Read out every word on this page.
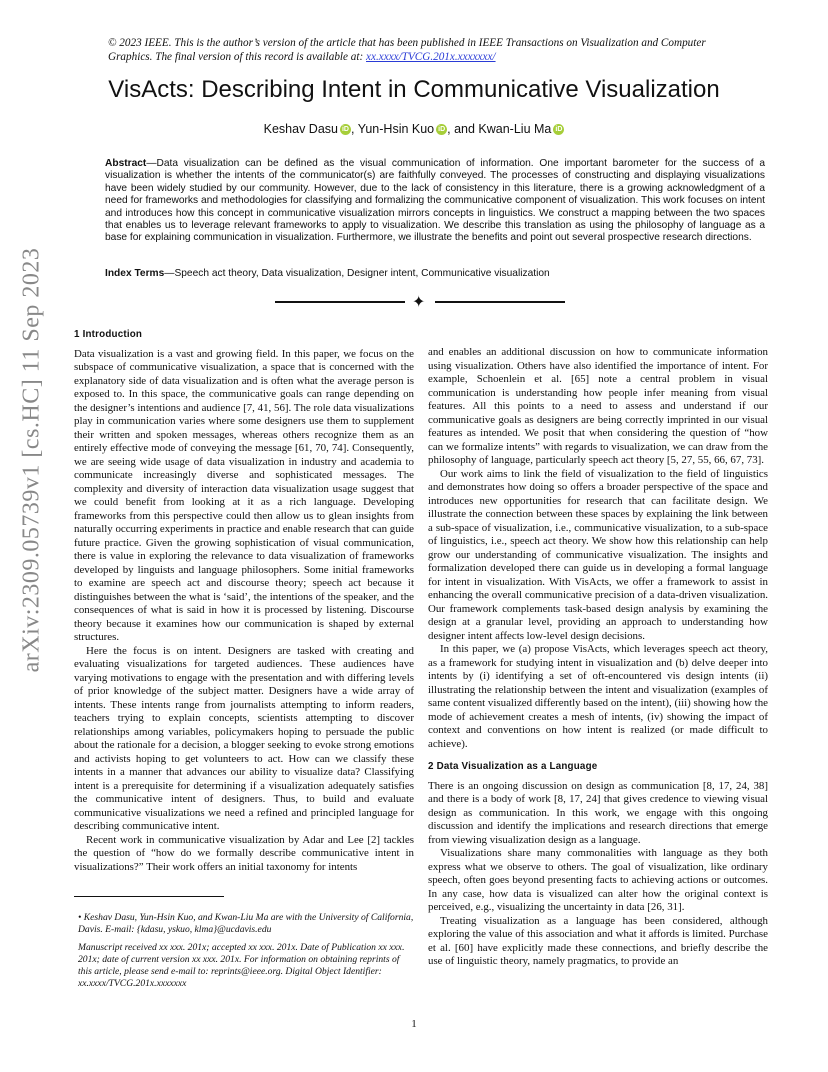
© 2023 IEEE. This is the author’s version of the article that has been published in IEEE Transactions on Visualization and Computer Graphics. The final version of this record is available at: xx.xxxx/TVCG.201x.xxxxxxx/
VisActs: Describing Intent in Communicative Visualization
Keshav Dasu iD , Yun-Hsin Kuo iD , and Kwan-Liu Ma iD
Abstract—Data visualization can be defined as the visual communication of information. One important barometer for the success of a visualization is whether the intents of the communicator(s) are faithfully conveyed. The processes of constructing and displaying visualizations have been widely studied by our community. However, due to the lack of consistency in this literature, there is a growing acknowledgment of a need for frameworks and methodologies for classifying and formalizing the communicative component of visualization. This work focuses on intent and introduces how this concept in communicative visualization mirrors concepts in linguistics. We construct a mapping between the two spaces that enables us to leverage relevant frameworks to apply to visualization. We describe this translation as using the philosophy of language as a base for explaining communication in visualization. Furthermore, we illustrate the benefits and point out several prospective research directions.
Index Terms—Speech act theory, Data visualization, Designer intent, Communicative visualization
✦
arXiv:2309.05739v1 [cs.HC] 11 Sep 2023	1 Introduction

Data visualization is a vast and growing field. In this paper, we focus on the subspace of communicative visualization, a space that is concerned with the explanatory side of data visualization and is often what the average person is exposed to. In this space, the communicative goals can range depending on the designer’s intentions and audience [7, 41, 56]. The role data visualizations play in communication varies where some designers use them to supplement their written and spoken messages, whereas others recognize them as an entirely effective mode of conveying the message [61, 70, 74]. Consequently, we are seeing wide usage of data visualization in industry and academia to communicate increasingly diverse and sophisticated messages. The complexity and diversity of interaction data visualization usage suggest that we could benefit from looking at it as a rich language. Developing frameworks from this perspective could then allow us to glean insights from naturally occurring experiments in practice and enable research that can guide future practice. Given the growing sophistication of visual communication, there is value in exploring the relevance to data visualization of frameworks developed by linguists and language philosophers. Some initial frameworks to examine are speech act and discourse theory; speech act because it distinguishes between the what is ‘said’, the intentions of the speaker, and the consequences of what is said in how it is processed by listening. Discourse theory because it examines how our communication is shaped by external structures.

Here the focus is on intent. Designers are tasked with creating and evaluating visualizations for targeted audiences. These audiences have varying motivations to engage with the presentation and with differing levels of prior knowledge of the subject matter. Designers have a wide array of intents. These intents range from journalists attempting to inform readers, teachers trying to explain concepts, scientists attempting to discover relationships among variables, policymakers hoping to persuade the public about the rationale for a decision, a blogger seeking to evoke strong emotions and activists hoping to get volunteers to act. How can we classify these intents in a manner that advances our ability to visualize data? Classifying intent is a prerequisite for determining if a visualization adequately satisfies the communicative intent of designers. Thus, to build and evaluate communicative visualizations we need a refined and principled language for describing communicative intent.

Recent work in communicative visualization by Adar and Lee [2] tackles the question of “how do we formally describe communicative intent in visualizations?” Their work offers an initial taxonomy for intents

• Keshav Dasu, Yun-Hsin Kuo, and Kwan-Liu Ma are with the University of California, Davis. E-mail: {kdasu, yskuo, klma}@ucdavis.edu

Manuscript received xx xxx. 201x; accepted xx xxx. 201x. Date of Publication xx xxx. 201x; date of current version xx xxx. 201x. For information on obtaining reprints of this article, please send e-mail to: reprints@ieee.org. Digital Object Identifier: xx.xxxx/TVCG.201x.xxxxxxx

and enables an additional discussion on how to communicate information using visualization. Others have also identified the importance of intent. For example, Schoenlein et al. [65] note a central problem in visual communication is understanding how people infer meaning from visual features. All this points to a need to assess and understand if our communicative goals as designers are being correctly imprinted in our visual features as intended. We posit that when considering the question of “how can we formalize intents” with regards to visualization, we can draw from the philosophy of language, particularly speech act theory [5, 27, 55, 66, 67, 73].

Our work aims to link the field of visualization to the field of linguistics and demonstrates how doing so offers a broader perspective of the space and introduces new opportunities for research that can facilitate design. We illustrate the connection between these spaces by explaining the link between a sub-space of visualization, i.e., communicative visualization, to a sub-space of linguistics, i.e., speech act theory. We show how this relationship can help grow our understanding of communicative visualization. The insights and formalization developed there can guide us in developing a formal language for intent in visualization. With VisActs, we offer a framework to assist in enhancing the overall communicative precision of a data-driven visualization. Our framework complements task-based design analysis by examining the design at a granular level, providing an approach to understanding how designer intent affects low-level design decisions.

In this paper, we (a) propose VisActs, which leverages speech act theory, as a framework for studying intent in visualization and (b) delve deeper into intents by (i) identifying a set of oft-encountered vis design intents (ii) illustrating the relationship between the intent and visualization (examples of same content visualized differently based on the intent), (iii) showing how the mode of achievement creates a mesh of intents, (iv) showing the impact of context and conventions on how intent is realized (or made difficult to achieve).

2 Data Visualization as a Language

There is an ongoing discussion on design as communication [8, 17, 24, 38] and there is a body of work [8, 17, 24] that gives credence to viewing visual design as communication. In this work, we engage with this ongoing discussion and identify the implications and research directions that emerge from viewing visualization design as a language.

Visualizations share many commonalities with language as they both express what we observe to others. The goal of visualization, like ordinary speech, often goes beyond presenting facts to achieving actions or outcomes. In any case, how data is visualized can alter how the original context is perceived, e.g., visualizing the uncertainty in data [26, 31].

Treating visualization as a language has been considered, although exploring the value of this association and what it affords is limited. Purchase et al. [60] have explicitly made these connections, and briefly describe the use of linguistic theory, namely pragmatics, to provide an

1
